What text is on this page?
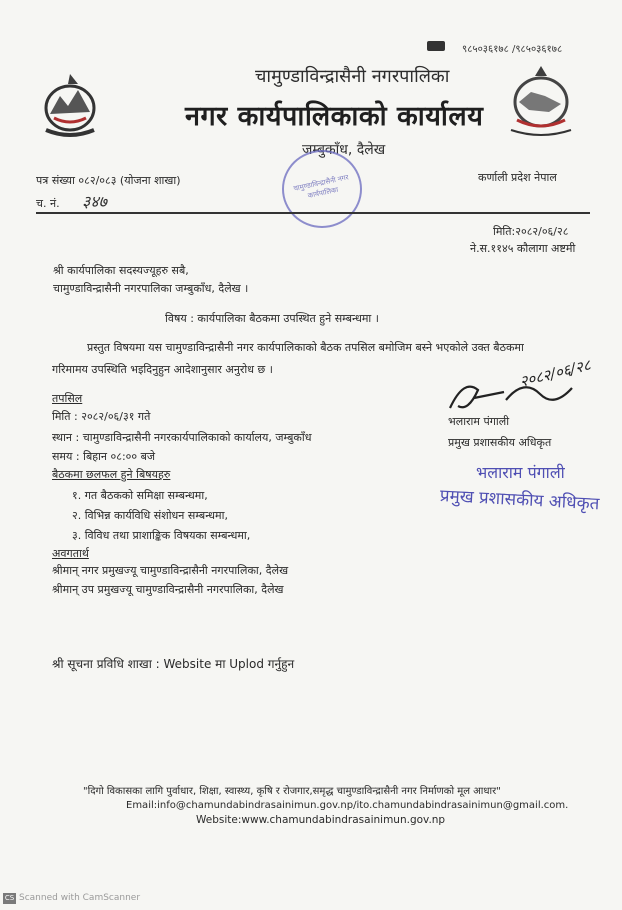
९८५०३६१७८ /९८५०३६१७८
चामुण्डाविन्द्रासैनी नगरपालिका
नगर कार्यपालिकाको कार्यालय
जम्बुकाँध, दैलेख
चामुण्डाविन्द्रासैनी नगर कार्यपालिका
कर्णाली प्रदेश नेपाल
पत्र संख्या ०८२/०८३ (योजना शाखा)
च. नं. ३४७
मिति:२०८२/०६/२८
ने.स.११४५ कौलागा अष्टमी
श्री कार्यपालिका सदस्यज्यूहरु सबै,
चामुण्डाविन्द्रासैनी नगरपालिका जम्बुकाँध, दैलेख ।
विषय : कार्यपालिका बैठकमा उपस्थित हुने सम्बन्धमा ।
प्रस्तुत विषयमा यस चामुण्डाविन्द्रासैनी नगर कार्यपालिकाको बैठक तपसिल बमोजिम बस्ने भएकोले उक्त बैठकमा
गरिमामय उपस्थिति भइदिनुहुन आदेशानुसार अनुरोध छ ।
तपसिल
मिति : २०८२/०६/३१ गते
स्थान : चामुण्डाविन्द्रासैनी नगरकार्यपालिकाको कार्यालय, जम्बुकाँध
समय : बिहान ०८:०० बजे
बैठकमा छलफल हुने बिषयहरु
१. गत बैठकको समिक्षा सम्बन्धमा,
२. विभिन्न कार्यविधि संशोधन सम्बन्धमा,
३. विविध तथा प्राशाङ्किक विषयका सम्बन्धमा,
अवगतार्थ
श्रीमान् नगर प्रमुखज्यू चामुण्डाविन्द्रासैनी नगरपालिका, दैलेख
श्रीमान् उप प्रमुखज्यू चामुण्डाविन्द्रासैनी नगरपालिका, दैलेख
२०८२/०६/२८
भलाराम पंगाली
प्रमुख प्रशासकीय अधिकृत
भलाराम पंगाली
प्रमुख प्रशासकीय अधिकृत
श्री सूचना प्रविधि शाखा : Website मा Uplod गर्नुहुन
"दिगो विकासका लागि पुर्वाधार, शिक्षा, स्वास्थ्य, कृषि र रोजगार,समृद्ध चामुण्डाविन्द्रासैनी नगर निर्माणको मूल आधार"
Email:info@chamundabindrasainimun.gov.np/ito.chamundabindrasainimun@gmail.com.
Website:www.chamundabindrasainimun.gov.np
CS Scanned with CamScanner
